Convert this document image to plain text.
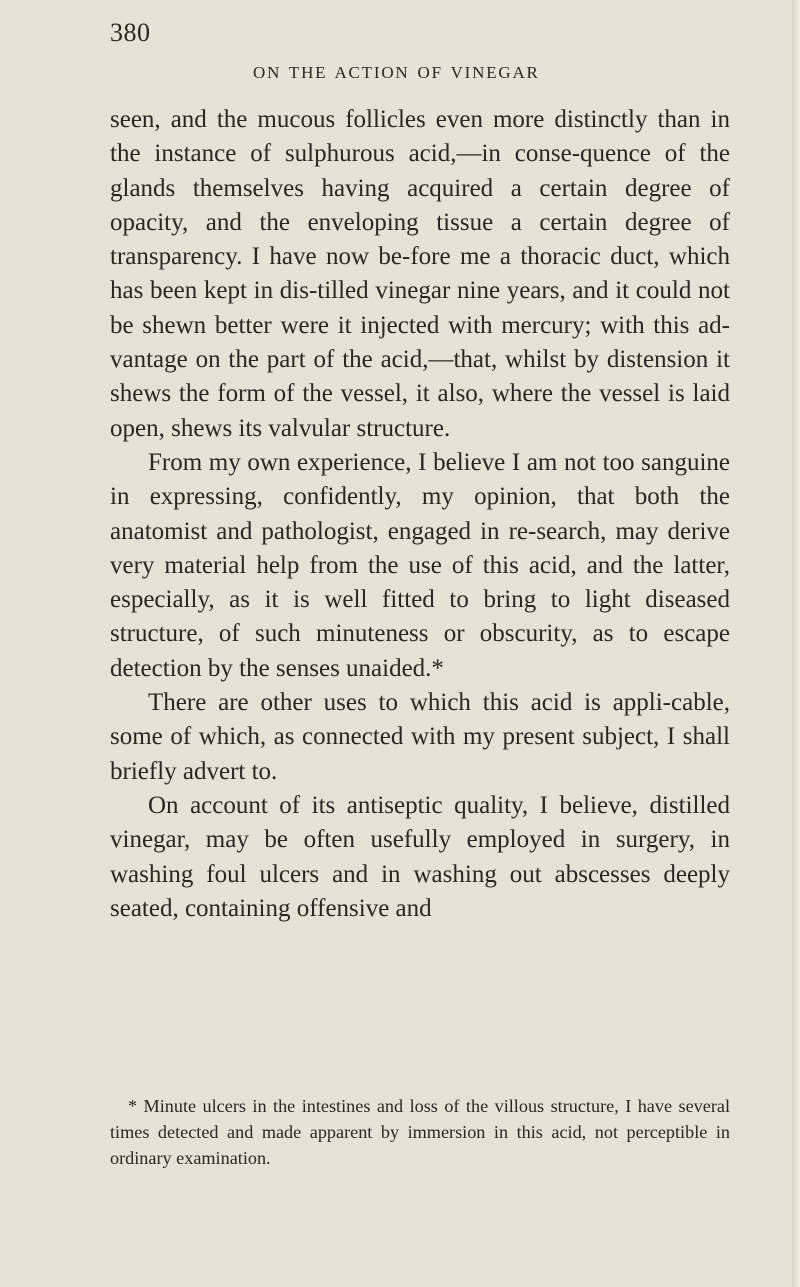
380
ON THE ACTION OF VINEGAR

seen, and the mucous follicles even more distinctly than in the instance of sulphurous acid,—in conse-quence of the glands themselves having acquired a certain degree of opacity, and the enveloping tissue a certain degree of transparency. I have now be-fore me a thoracic duct, which has been kept in dis-tilled vinegar nine years, and it could not be shewn better were it injected with mercury; with this ad-vantage on the part of the acid,—that, whilst by distension it shews the form of the vessel, it also, where the vessel is laid open, shews its valvular structure.

From my own experience, I believe I am not too sanguine in expressing, confidently, my opinion, that both the anatomist and pathologist, engaged in re-search, may derive very material help from the use of this acid, and the latter, especially, as it is well fitted to bring to light diseased structure, of such minuteness or obscurity, as to escape detection by the senses unaided.*

There are other uses to which this acid is appli-cable, some of which, as connected with my present subject, I shall briefly advert to.

On account of its antiseptic quality, I believe, distilled vinegar, may be often usefully employed in surgery, in washing foul ulcers and in washing out abscesses deeply seated, containing offensive and

* Minute ulcers in the intestines and loss of the villous structure, I have several times detected and made apparent by immersion in this acid, not perceptible in ordinary examination.
